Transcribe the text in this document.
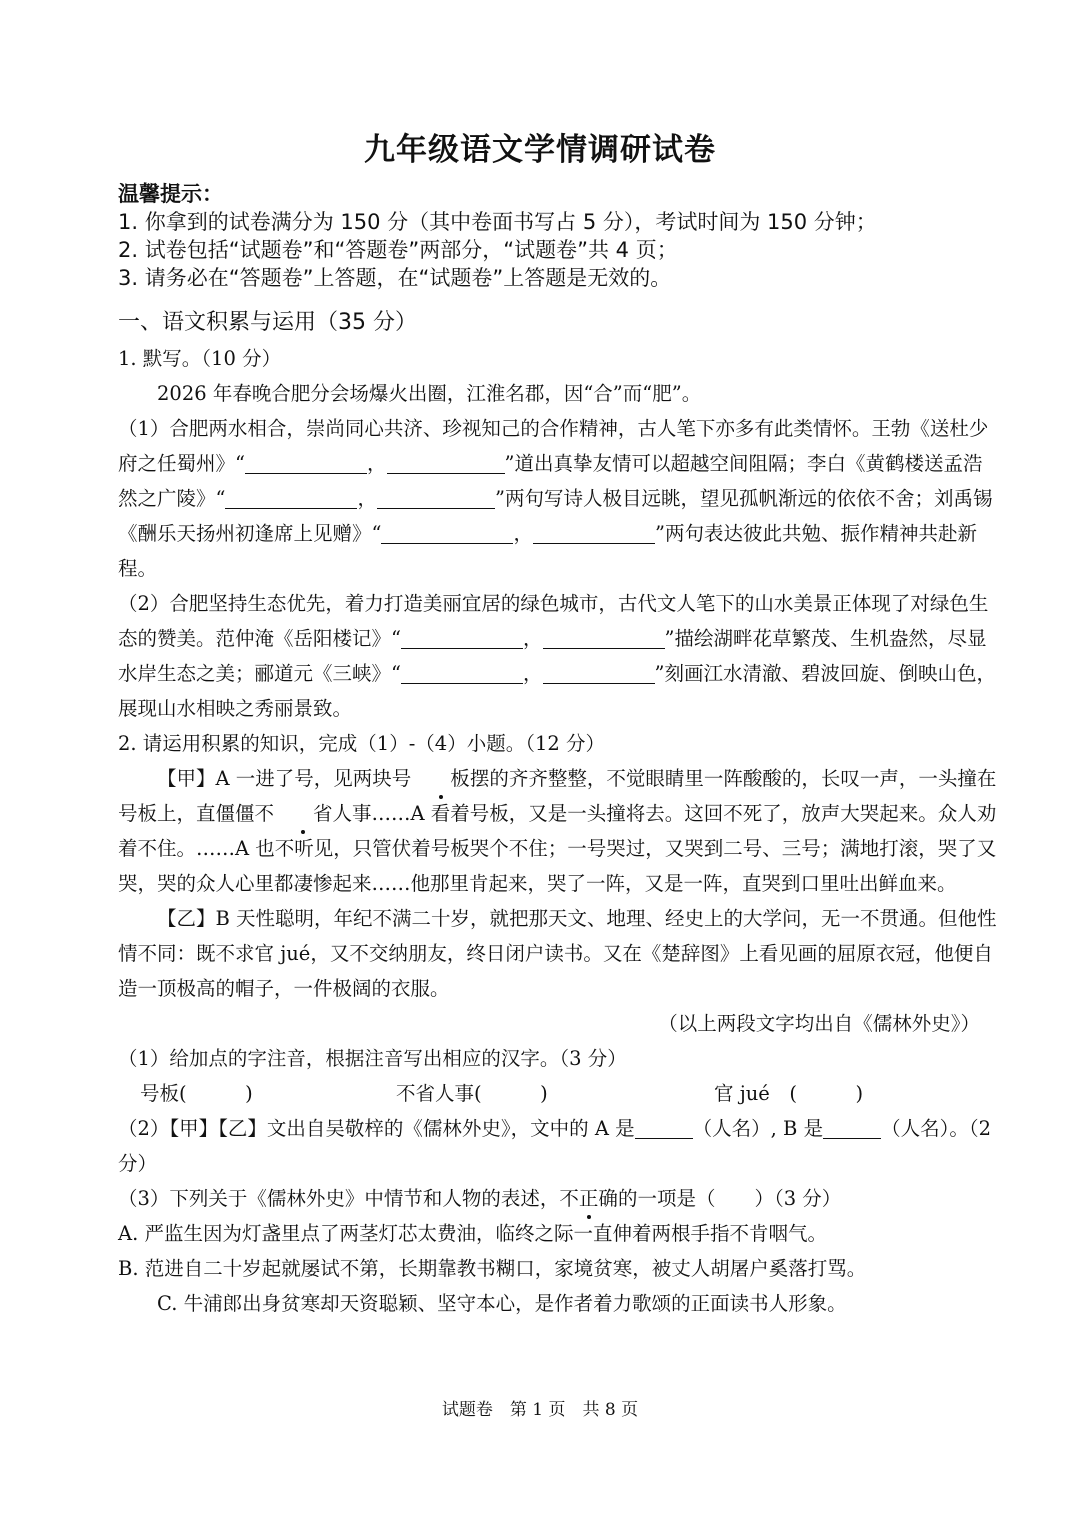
九年级语文学情调研试卷
温馨提示：
1. 你拿到的试卷满分为 150 分（其中卷面书写占 5 分），考试时间为 150 分钟；
2. 试卷包括“试题卷”和“答题卷”两部分，“试题卷”共 4 页；
3. 请务必在“答题卷”上答题，在“试题卷”上答题是无效的。
一、语文积累与运用（35 分）
1. 默写。（10 分）
2026 年春晚合肥分会场爆火出圈，江淮名郡，因“合”而“肥”。

（1）合肥两水相合，崇尚同心共济、珍视知己的合作精神，古人笔下亦多有此类情怀。王勃《送杜少府之任蜀州》“	，	”道出真挚友情可以超越空间阻隔；李白《黄鹤楼送孟浩然之广陵》“	，	”两句写诗人极目远眺，望见孤帆渐远的依依不舍；刘禹锡《酬乐天扬州初逢席上见赠》“	，	”两句表达彼此共勉、振作精神共赴新程。

（2）合肥坚持生态优先，着力打造美丽宜居的绿色城市，古代文人笔下的山水美景正体现了对绿色生态的赞美。范仲淹《岳阳楼记》“	，	”描绘湖畔花草繁茂、生机盎然，尽显水岸生态之美；郦道元《三峡》“	，	”刻画江水清澈、碧波回旋、倒映山色，展现山水相映之秀丽景致。

2. 请运用积累的知识，完成（1）-（4）小题。（12 分）

【甲】A 一进了号，见两块号 板摆的齐齐整整，不觉眼睛里一阵酸酸的，长叹一声，一头撞在号板上，直僵僵不 省人事……A 看着号板，又是一头撞将去。这回不死了，放声大哭起来。众人劝着不住。……A 也不听见，只管伏着号板哭个不住；一号哭过，又哭到二号、三号；满地打滚，哭了又哭，哭的众人心里都凄惨起来……他那里肯起来，哭了一阵，又是一阵，直哭到口里吐出鲜血来。

【乙】B 天性聪明，年纪不满二十岁，就把那天文、地理、经史上的大学问，无一不贯通。但他性情不同：既不求官 jué，又不交纳朋友，终日闭户读书。又在《楚辞图》上看见画的屈原衣冠，他便自造一顶极高的帽子，一件极阔的衣服。

（以上两段文字均出自《儒林外史》）
（1）给加点的字注音，根据注音写出相应的汉字。（3 分）
号板(　　　)	不省人事(　　　)	官 jué　(　　　)

（2）【甲】【乙】文出自吴敬梓的《儒林外史》，文中的 A 是	（人名）, B 是	（人名）。（2 分）

（3）下列关于《儒林外史》中情节和人物的表述，不正确的一项是（　　）（3 分）
A. 严监生因为灯盏里点了两茎灯芯太费油，临终之际一直伸着两根手指不肯咽气。
B. 范进自二十岁起就屡试不第，长期靠教书糊口，家境贫寒，被丈人胡屠户奚落打骂。
C. 牛浦郎出身贫寒却天资聪颖、坚守本心，是作者着力歌颂的正面读书人形象。
试题卷　第 1 页　共 8 页
